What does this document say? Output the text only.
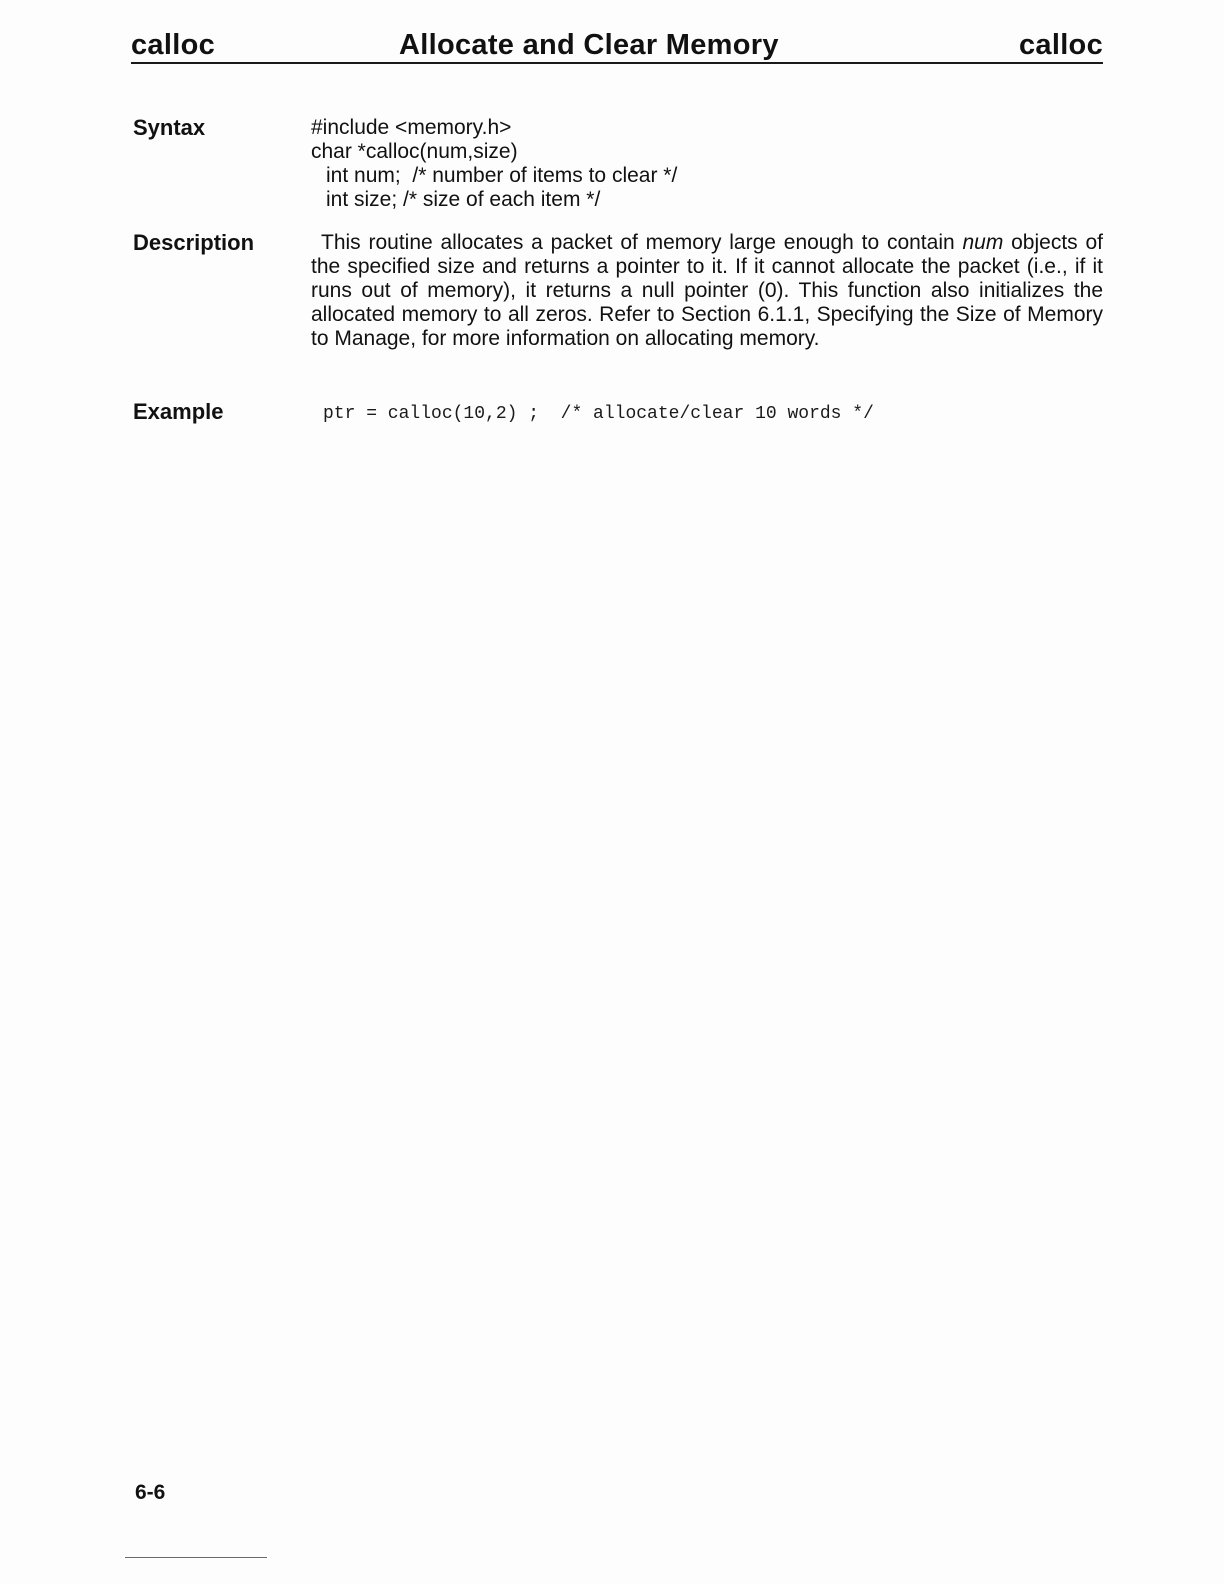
calloc	Allocate and Clear Memory	calloc
Syntax	#include <memory.h>
char *calloc(num,size)
int num;  /* number of items to clear */
int size; /* size of each item */
Description	This routine allocates a packet of memory large enough to contain num objects of the specified size and returns a pointer to it. If it cannot allocate the packet (i.e., if it runs out of memory), it returns a null pointer (0). This function also initializes the allocated memory to all zeros. Refer to Section 6.1.1, Specifying the Size of Memory to Manage, for more information on allocating memory.
Example	ptr = calloc(10,2) ;  /* allocate/clear 10 words */
6-6
